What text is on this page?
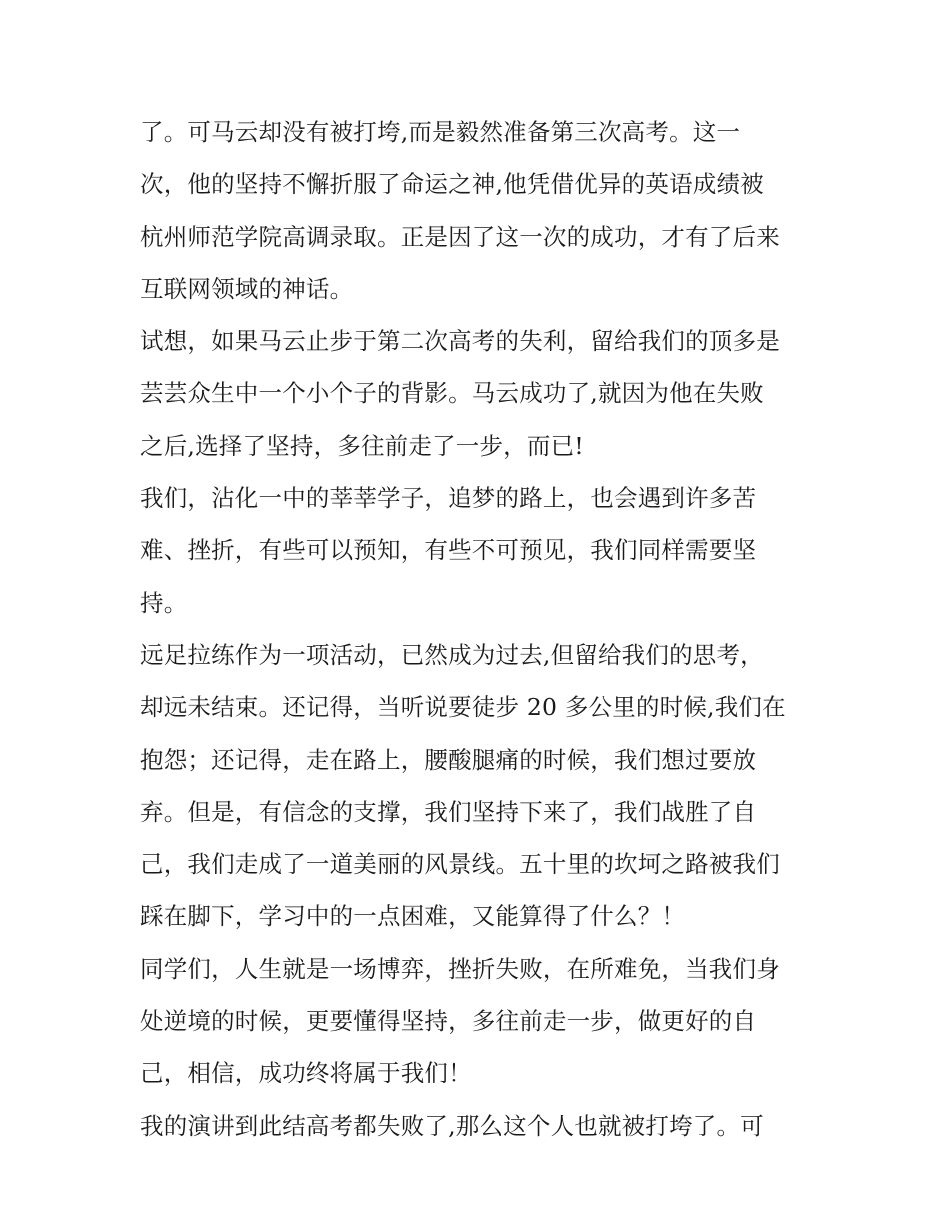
了。可马云却没有被打垮,而是毅然准备第三次高考。这一
次，他的坚持不懈折服了命运之神,他凭借优异的英语成绩被
杭州师范学院高调录取。正是因了这一次的成功，才有了后来
互联网领域的神话。
试想，如果马云止步于第二次高考的失利，留给我们的顶多是
芸芸众生中一个小个子的背影。马云成功了,就因为他在失败
之后,选择了坚持，多往前走了一步，而已!
我们，沾化一中的莘莘学子，追梦的路上，也会遇到许多苦
难、挫折，有些可以预知，有些不可预见，我们同样需要坚
持。
远足拉练作为一项活动，已然成为过去,但留给我们的思考，
却远未结束。还记得，当听说要徒步 20 多公里的时候,我们在
抱怨；还记得，走在路上，腰酸腿痛的时候，我们想过要放
弃。但是，有信念的支撑，我们坚持下来了，我们战胜了自
己，我们走成了一道美丽的风景线。五十里的坎坷之路被我们
踩在脚下，学习中的一点困难，又能算得了什么？！
同学们，人生就是一场博弈，挫折失败，在所难免，当我们身
处逆境的时候，更要懂得坚持，多往前走一步，做更好的自
己，相信，成功终将属于我们！
我的演讲到此结高考都失败了,那么这个人也就被打垮了。可
